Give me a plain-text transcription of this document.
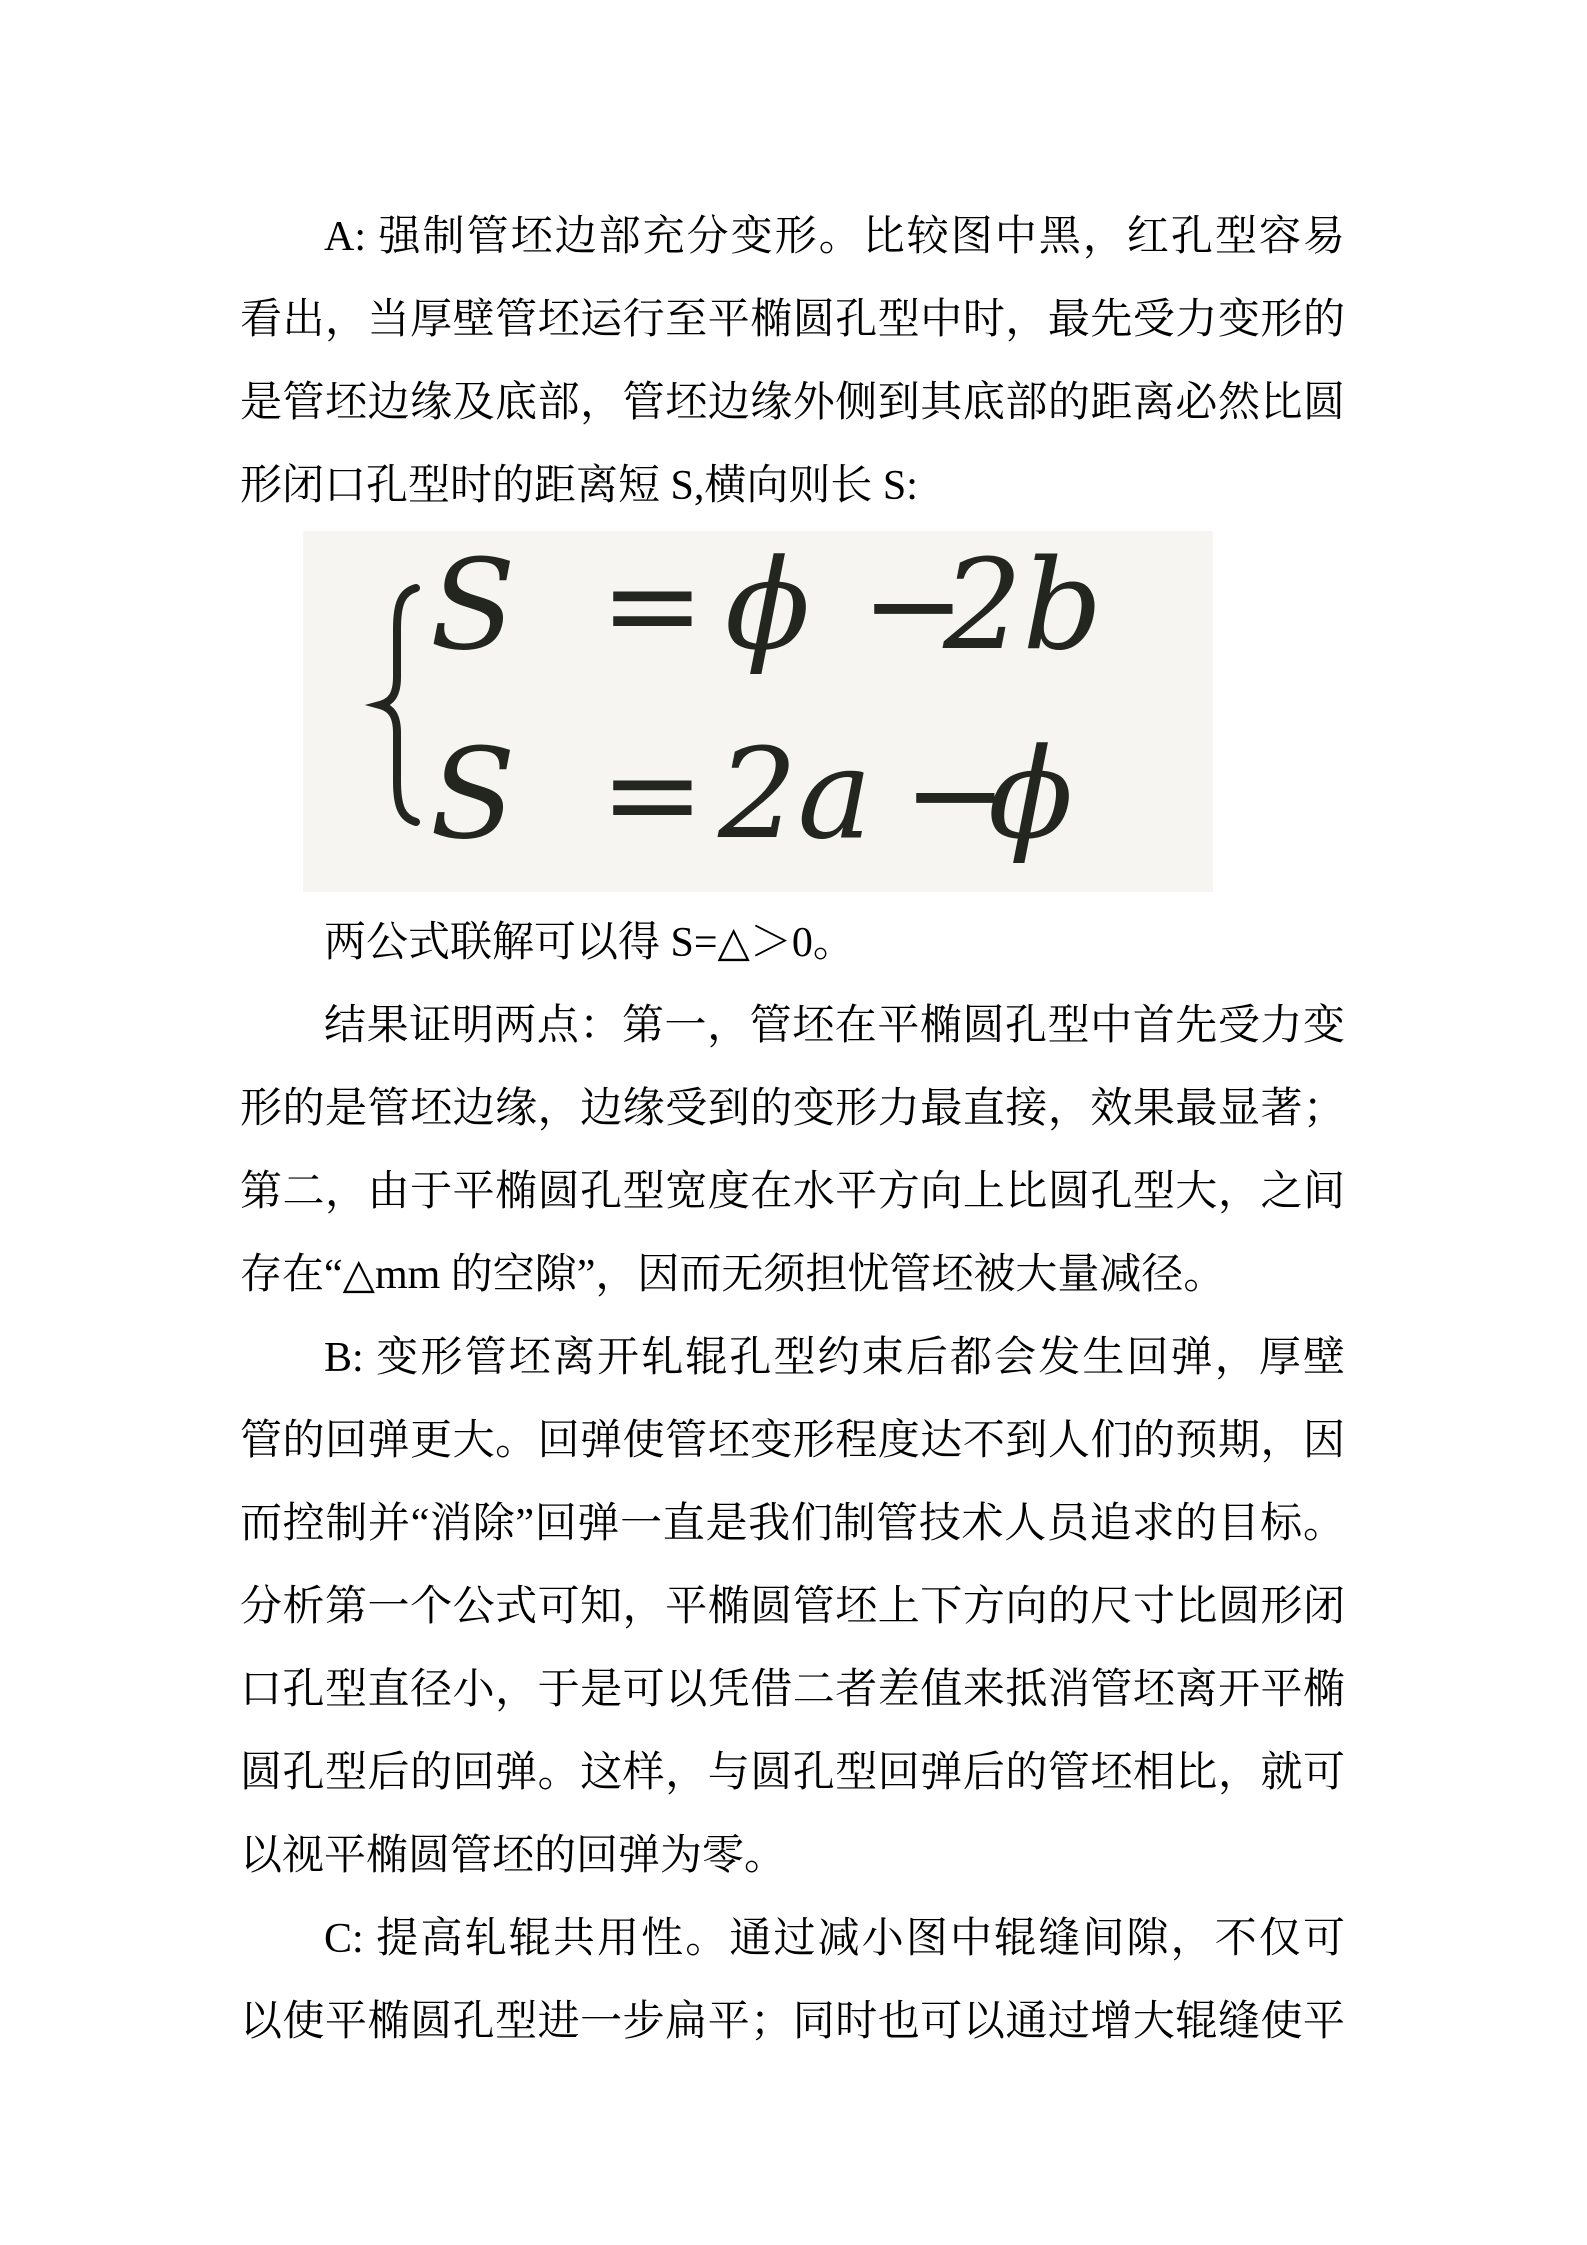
A: 强制管坯边部充分变形。比较图中黑，红孔型容易
看出，当厚壁管坯运行至平椭圆孔型中时，最先受力变形的
是管坯边缘及底部，管坯边缘外侧到其底部的距离必然比圆
形闭口孔型时的距离短 S,横向则长 S:
S = ϕ −
2b
S = 2a −
ϕ
两公式联解可以得 S=△＞0。
结果证明两点：第一，管坯在平椭圆孔型中首先受力变
形的是管坯边缘，边缘受到的变形力最直接，效果最显著；
第二，由于平椭圆孔型宽度在水平方向上比圆孔型大，之间
存在“△mm 的空隙”，因而无须担忧管坯被大量减径。
B: 变形管坯离开轧辊孔型约束后都会发生回弹，厚壁
管的回弹更大。回弹使管坯变形程度达不到人们的预期，因
而控制并“消除”回弹一直是我们制管技术人员追求的目标。
分析第一个公式可知，平椭圆管坯上下方向的尺寸比圆形闭
口孔型直径小，于是可以凭借二者差值来抵消管坯离开平椭
圆孔型后的回弹。这样，与圆孔型回弹后的管坯相比，就可
以视平椭圆管坯的回弹为零。
C: 提高轧辊共用性。通过减小图中辊缝间隙，不仅可
以使平椭圆孔型进一步扁平；同时也可以通过增大辊缝使平
